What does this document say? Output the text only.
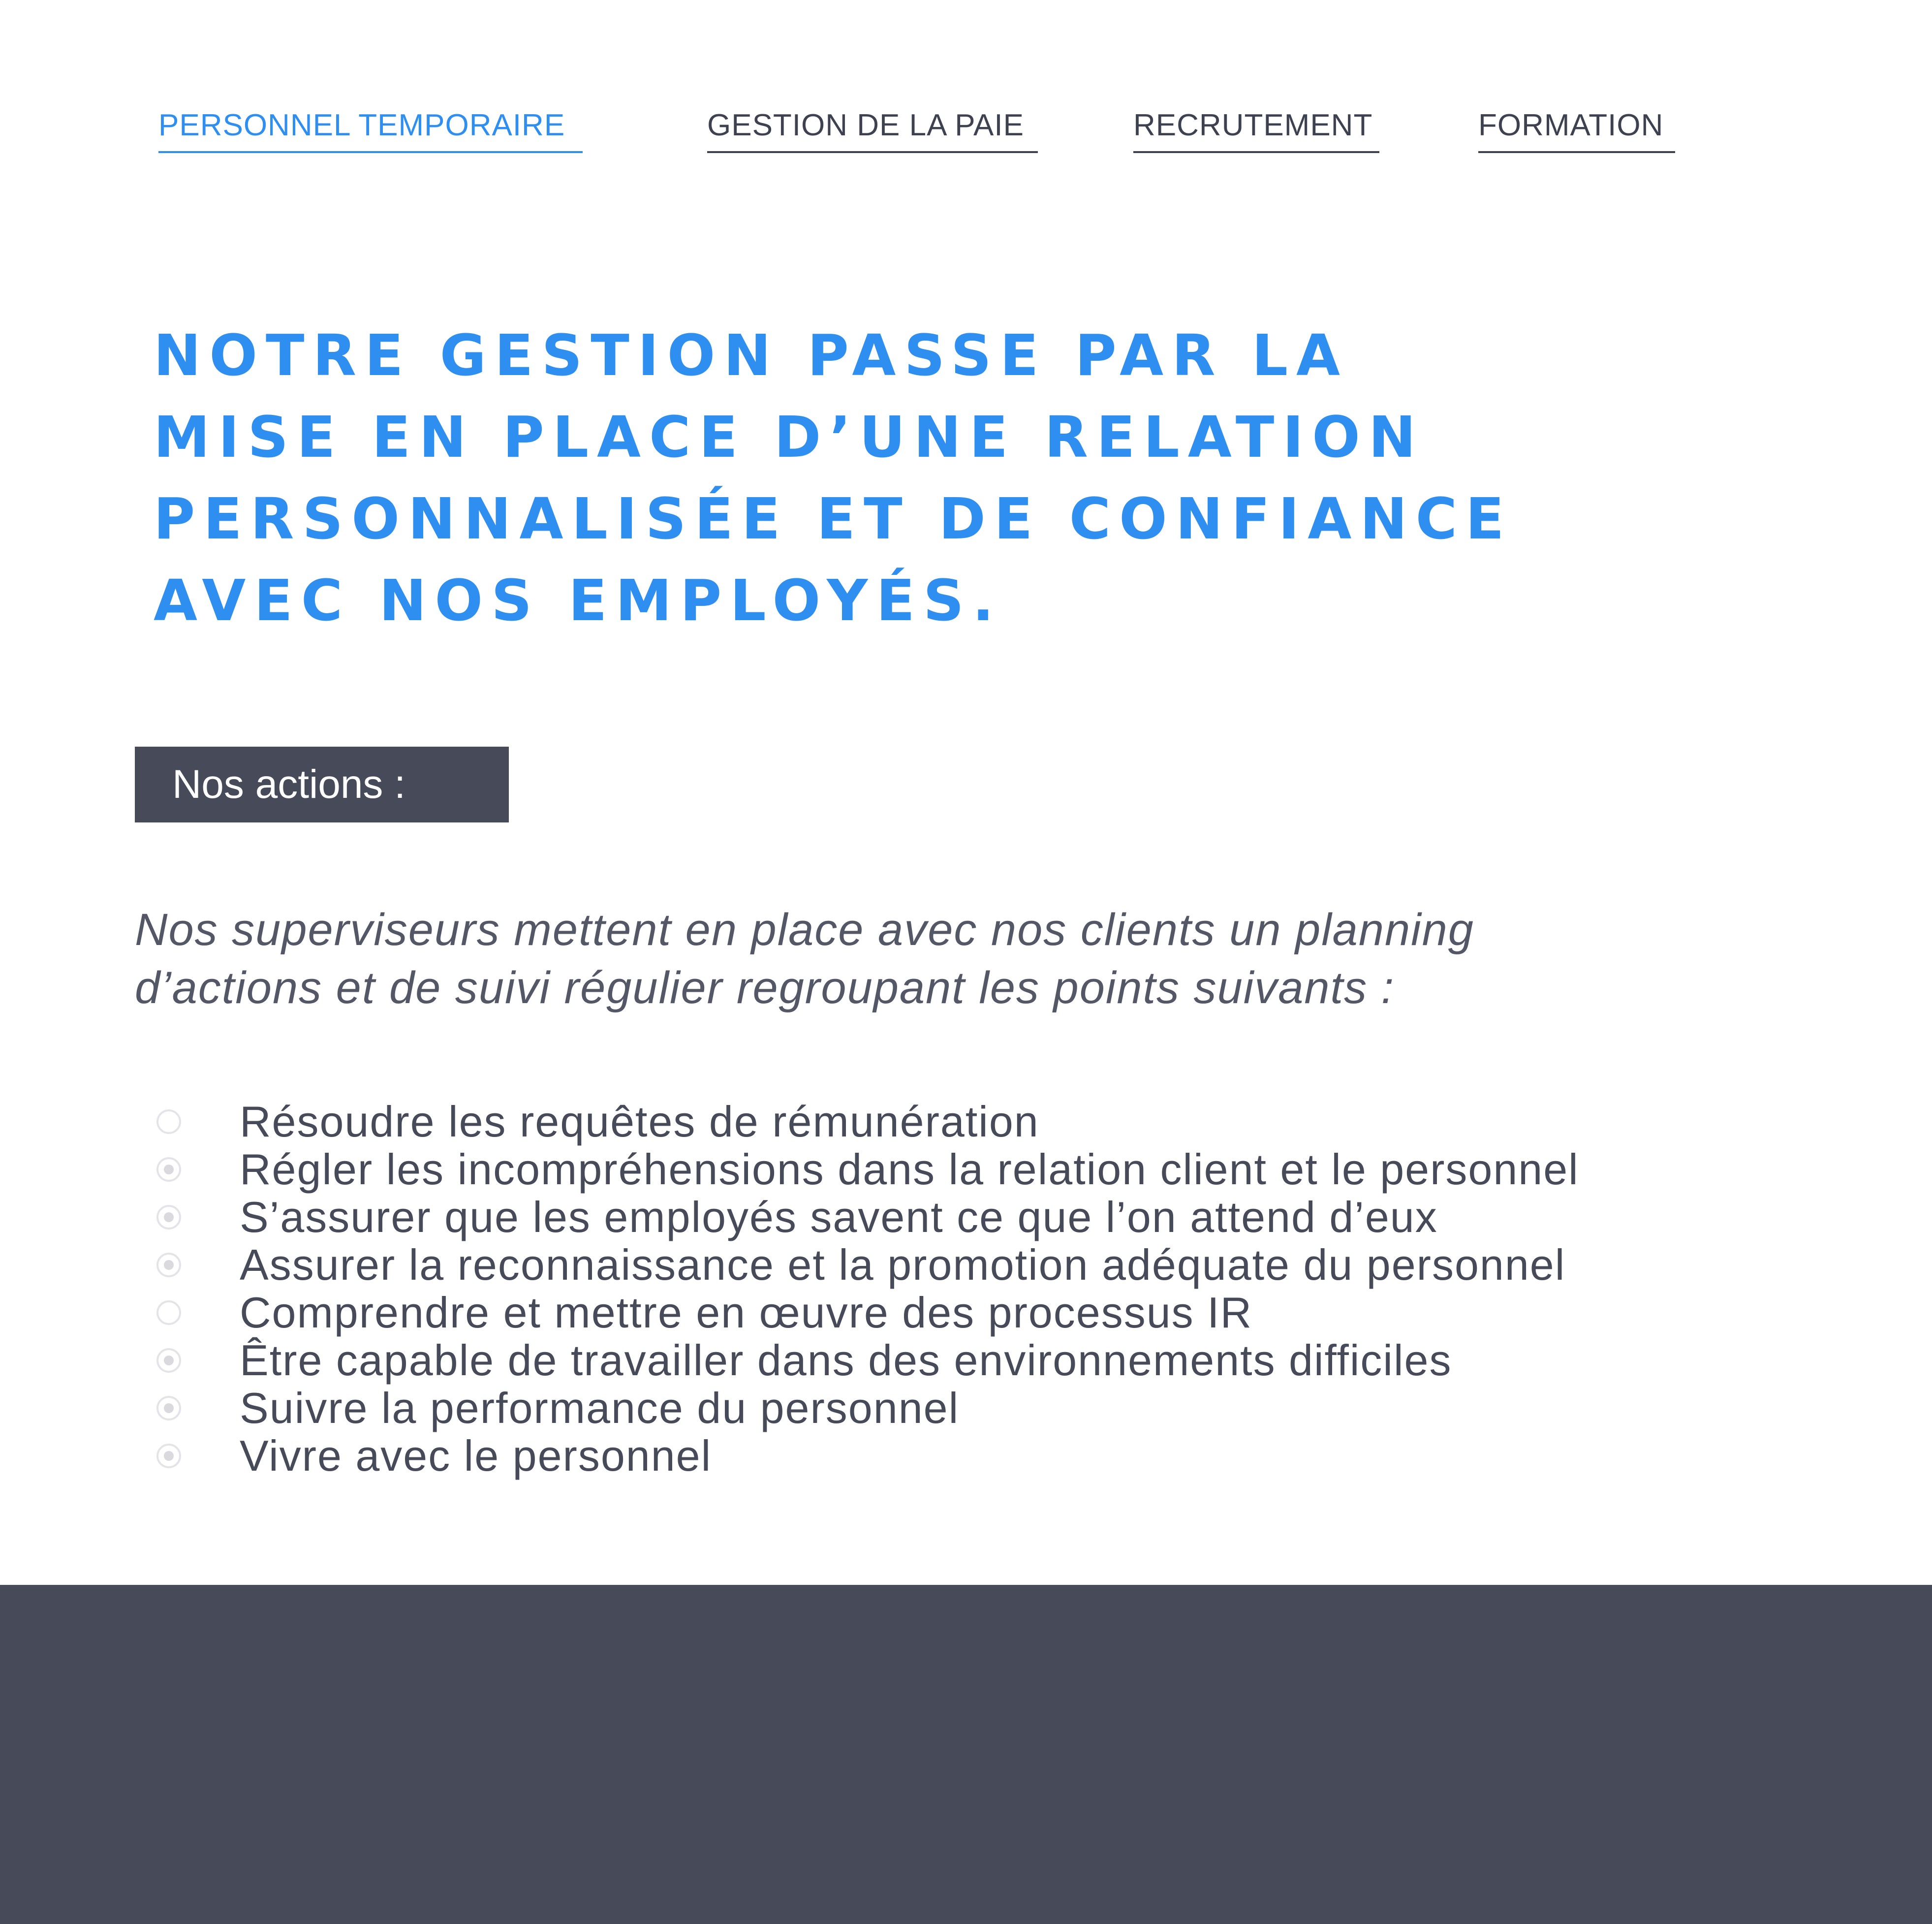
PERSONNEL TEMPORAIRE	GESTION DE LA PAIE	RECRUTEMENT	FORMATION
NOTRE GESTION PASSE PAR LA
MISE EN PLACE D’UNE RELATION
PERSONNALISÉE ET DE CONFIANCE
AVEC NOS EMPLOYÉS.
Nos actions :

Nos superviseurs mettent en place avec nos clients un planning
d’actions et de suivi régulier regroupant les points suivants :

Résoudre les requêtes de rémunération
Régler les incompréhensions dans la relation client et le personnel
S’assurer que les employés savent ce que l’on attend d’eux
Assurer la reconnaissance et la promotion adéquate du personnel
Comprendre et mettre en œuvre des processus IR
Être capable de travailler dans des environnements difficiles
Suivre la performance du personnel
Vivre avec le personnel
